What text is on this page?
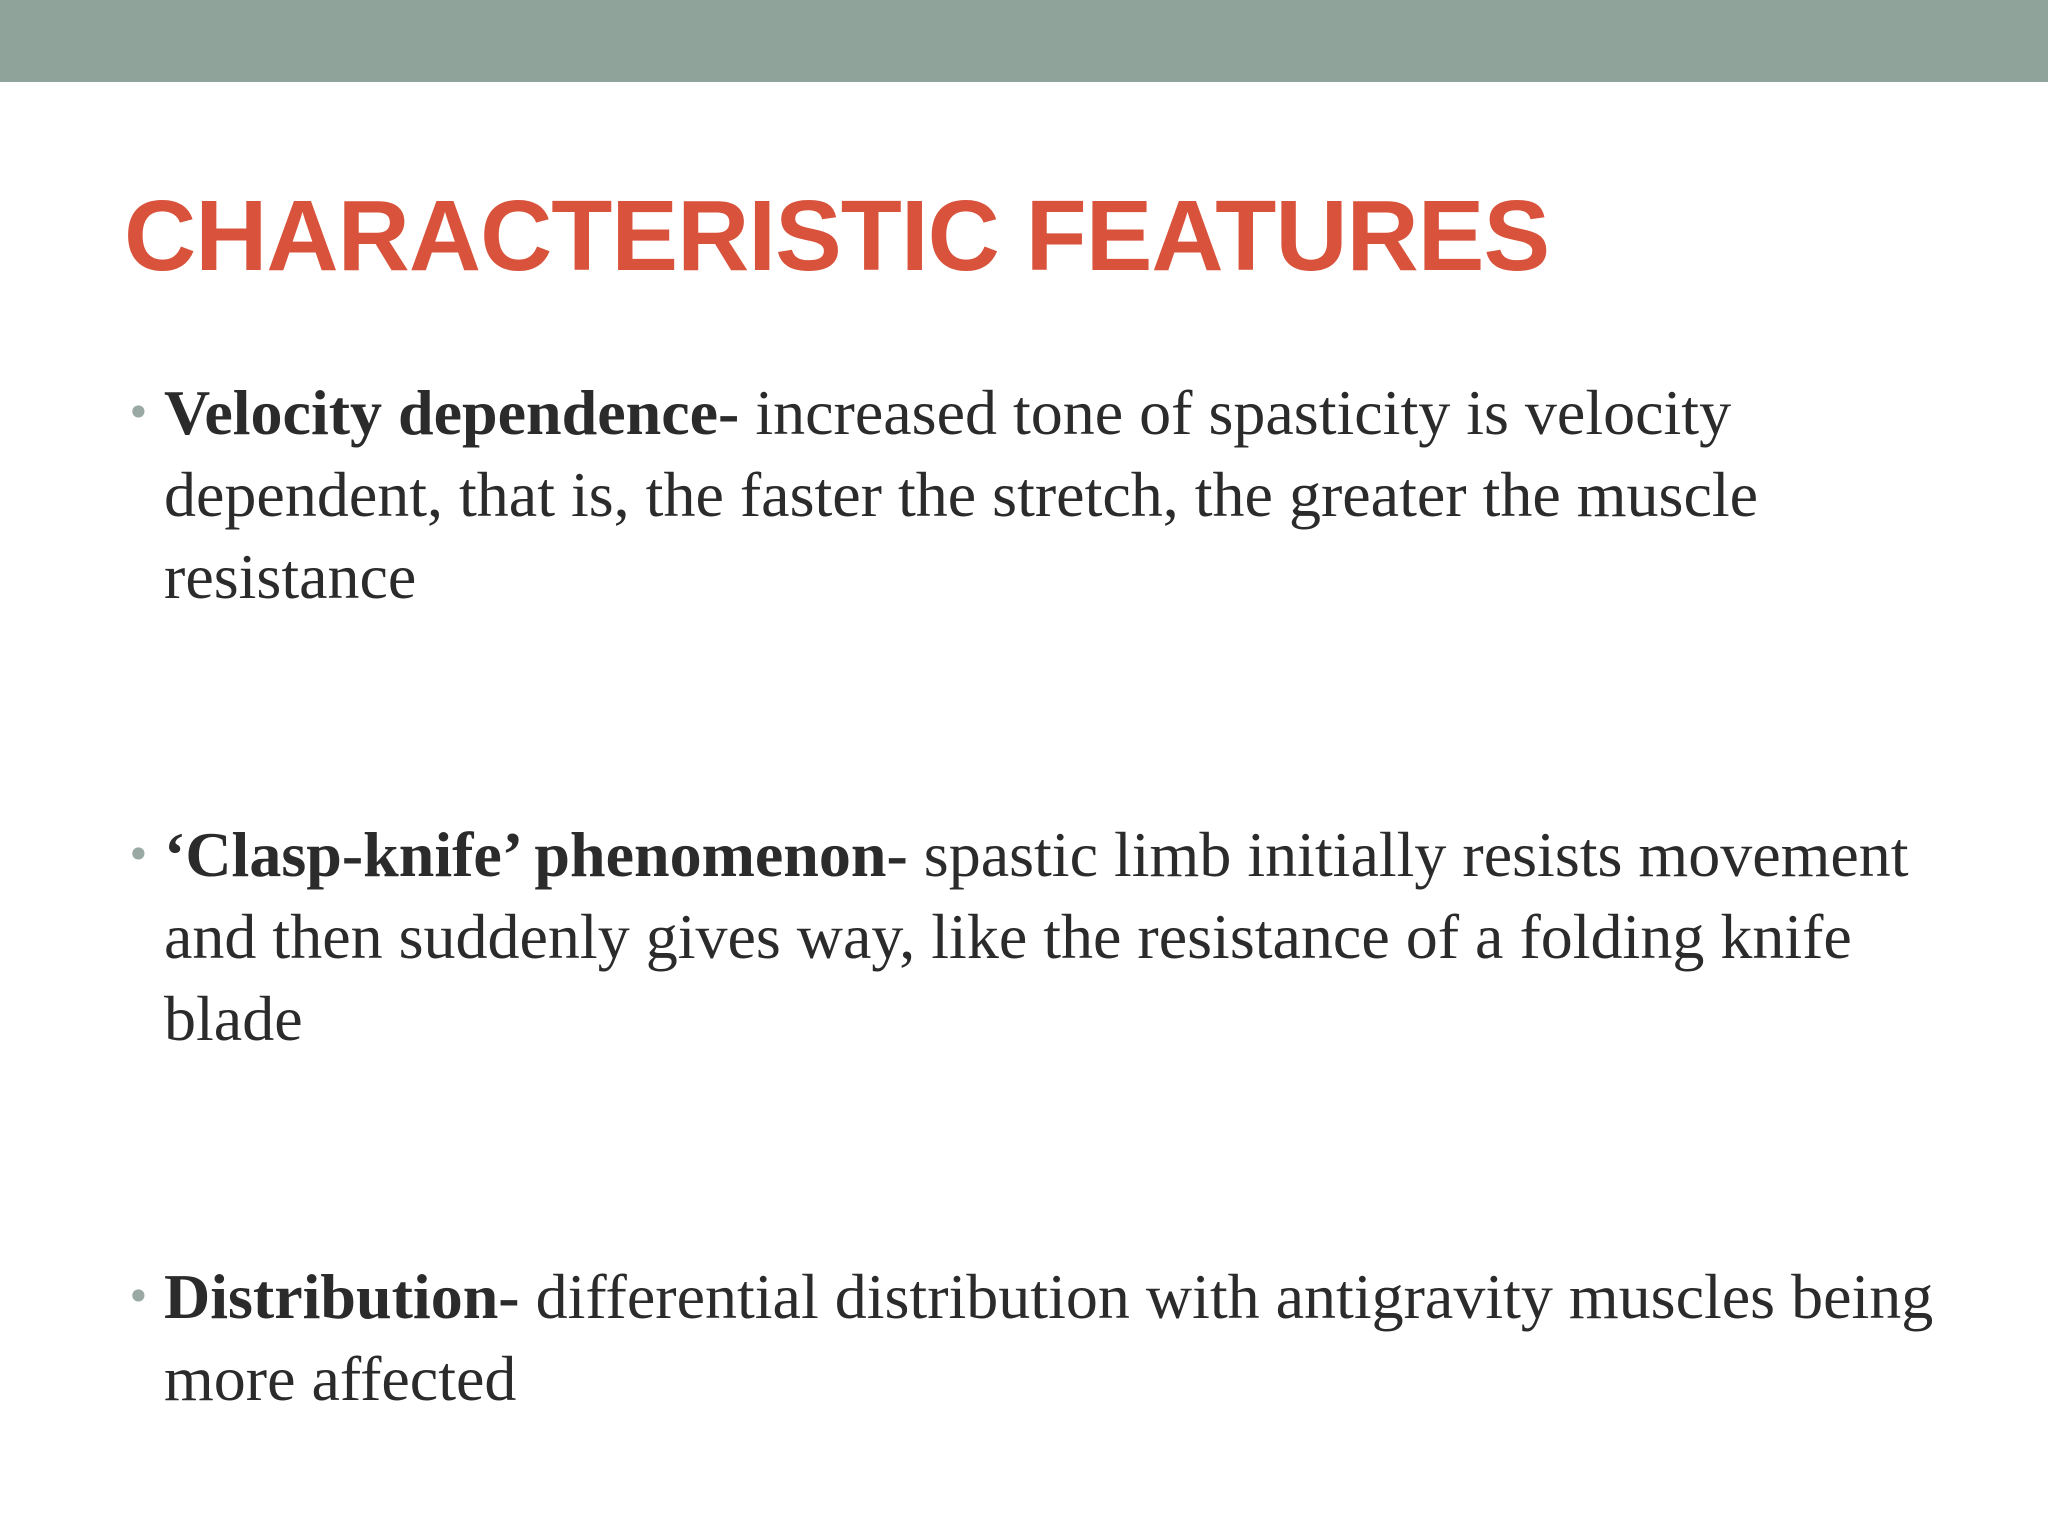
CHARACTERISTIC FEATURES
• Velocity dependence- increased tone of spasticity is velocity dependent, that is, the faster the stretch, the greater the muscle resistance
• ‘Clasp-knife’ phenomenon- spastic limb initially resists movement and then suddenly gives way, like the resistance of a folding knife blade
• Distribution- differential distribution with antigravity muscles being more affected
